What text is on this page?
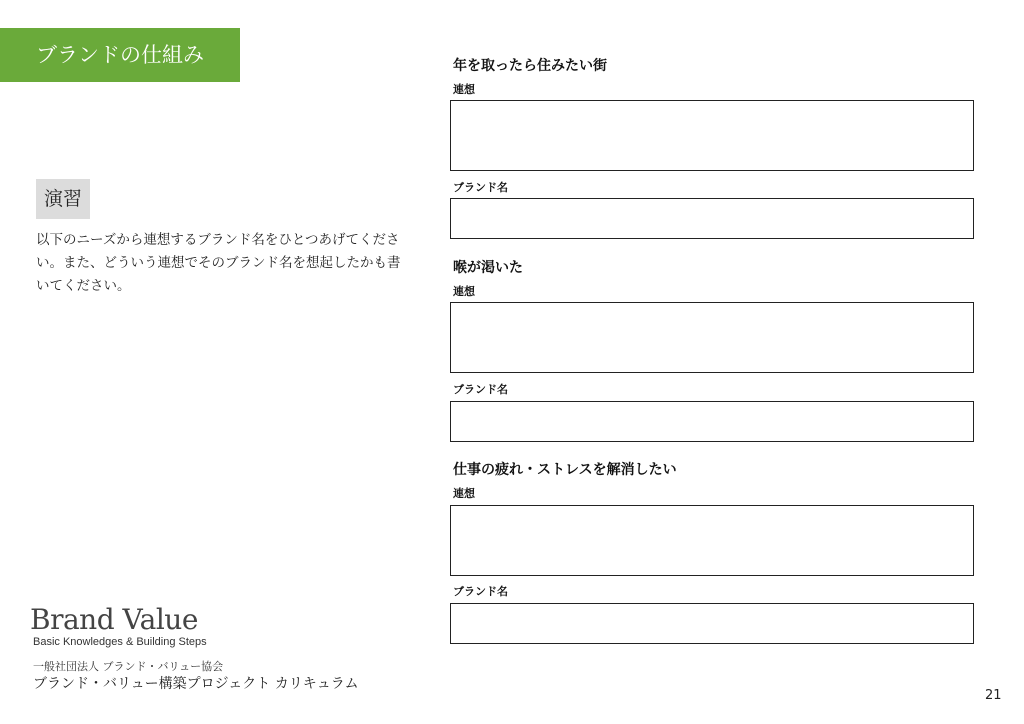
ブランドの仕組み
演習
以下のニーズから連想するブランド名をひとつあげてください。また、どういう連想でそのブランド名を想起したかも書いてください。
年を取ったら住みたい街
連想
ブランド名
喉が渇いた
連想
ブランド名
仕事の疲れ・ストレスを解消したい
連想
ブランド名
Brand Value
Basic Knowledges & Building Steps
一般社団法人 ブランド・バリュー協会
ブランド・バリュー構築プロジェクト カリキュラム
21
